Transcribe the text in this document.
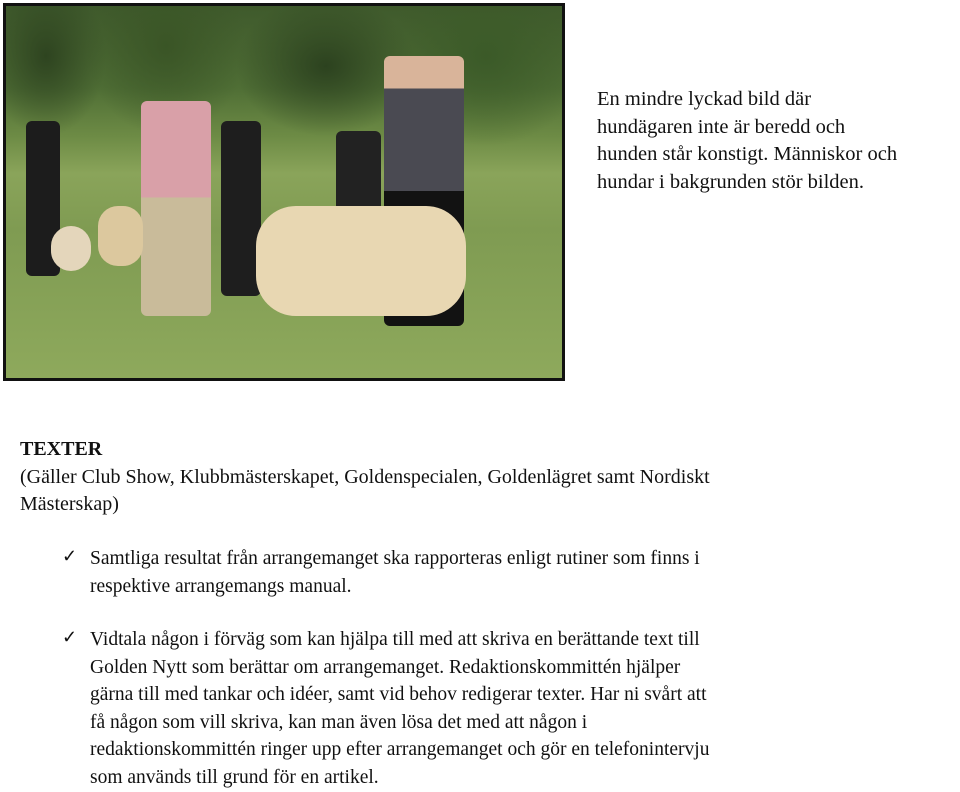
En mindre lyckad bild där
hundägaren inte är beredd och
hunden står konstigt. Människor och
hundar i bakgrunden stör bilden.
TEXTER
(Gäller Club Show, Klubbmästerskapet, Goldenspecialen, Goldenlägret samt Nordiskt
Mästerskap)
✓ Samtliga resultat från arrangemanget ska rapporteras enligt rutiner som finns i
respektive arrangemangs manual.
✓ Vidtala någon i förväg som kan hjälpa till med att skriva en berättande text till
Golden Nytt som berättar om arrangemanget. Redaktionskommittén hjälper
gärna till med tankar och idéer, samt vid behov redigerar texter. Har ni svårt att
få någon som vill skriva, kan man även lösa det med att någon i
redaktionskommittén ringer upp efter arrangemanget och gör en telefonintervju
som används till grund för en artikel.
